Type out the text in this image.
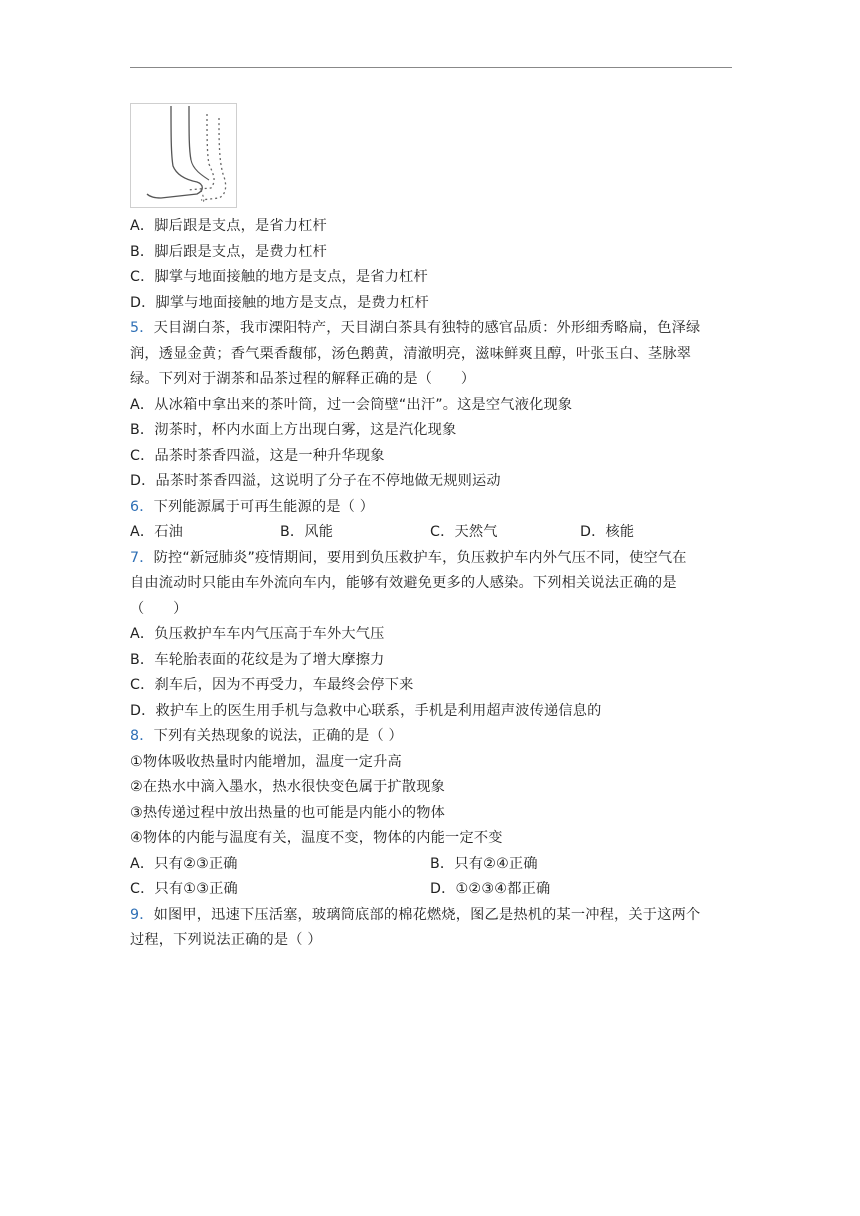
A．脚后跟是支点，是省力杠杆
B．脚后跟是支点，是费力杠杆
C．脚掌与地面接触的地方是支点，是省力杠杆
D．脚掌与地面接触的地方是支点，是费力杠杆
5．天目湖白茶，我市溧阳特产，天目湖白茶具有独特的感官品质：外形细秀略扁，色泽绿
润，透显金黄；香气栗香馥郁，汤色鹅黄，清澈明亮，滋味鲜爽且醇，叶张玉白、茎脉翠
绿。下列对于湖茶和品茶过程的解释正确的是（　　）
A．从冰箱中拿出来的茶叶筒，过一会筒壁“出汗”。这是空气液化现象
B．沏茶时，杯内水面上方出现白雾，这是汽化现象
C．品茶时茶香四溢，这是一种升华现象
D．品茶时茶香四溢，这说明了分子在不停地做无规则运动
6．下列能源属于可再生能源的是（ ）
A．石油	B．风能	C．天然气	D．核能
7．防控“新冠肺炎”疫情期间，要用到负压救护车，负压救护车内外气压不同，使空气在
自由流动时只能由车外流向车内，能够有效避免更多的人感染。下列相关说法正确的是
（　　）
A．负压救护车车内气压高于车外大气压
B．车轮胎表面的花纹是为了增大摩擦力
C．刹车后，因为不再受力，车最终会停下来
D．救护车上的医生用手机与急救中心联系，手机是利用超声波传递信息的
8．下列有关热现象的说法，正确的是（ ）
①物体吸收热量时内能增加，温度一定升高
②在热水中滴入墨水，热水很快变色属于扩散现象
③热传递过程中放出热量的也可能是内能小的物体
④物体的内能与温度有关，温度不变，物体的内能一定不变
A．只有②③正确	B．只有②④正确
C．只有①③正确	D．①②③④都正确
9．如图甲，迅速下压活塞，玻璃筒底部的棉花燃烧，图乙是热机的某一冲程，关于这两个
过程，下列说法正确的是（ ）
